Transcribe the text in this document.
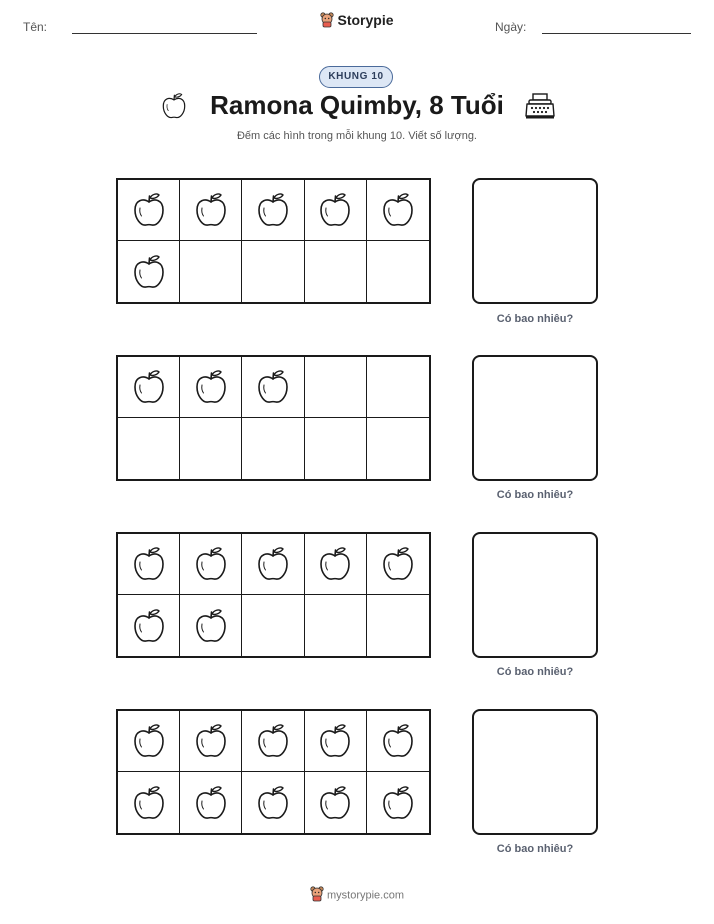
Tên:	Storypie	Ngày:
KHUNG 10
Ramona Quimby, 8 Tuổi
Đếm các hình trong mỗi khung 10. Viết số lượng.
Có bao nhiêu?
Có bao nhiêu?
Có bao nhiêu?
Có bao nhiêu?
mystorypie.com
